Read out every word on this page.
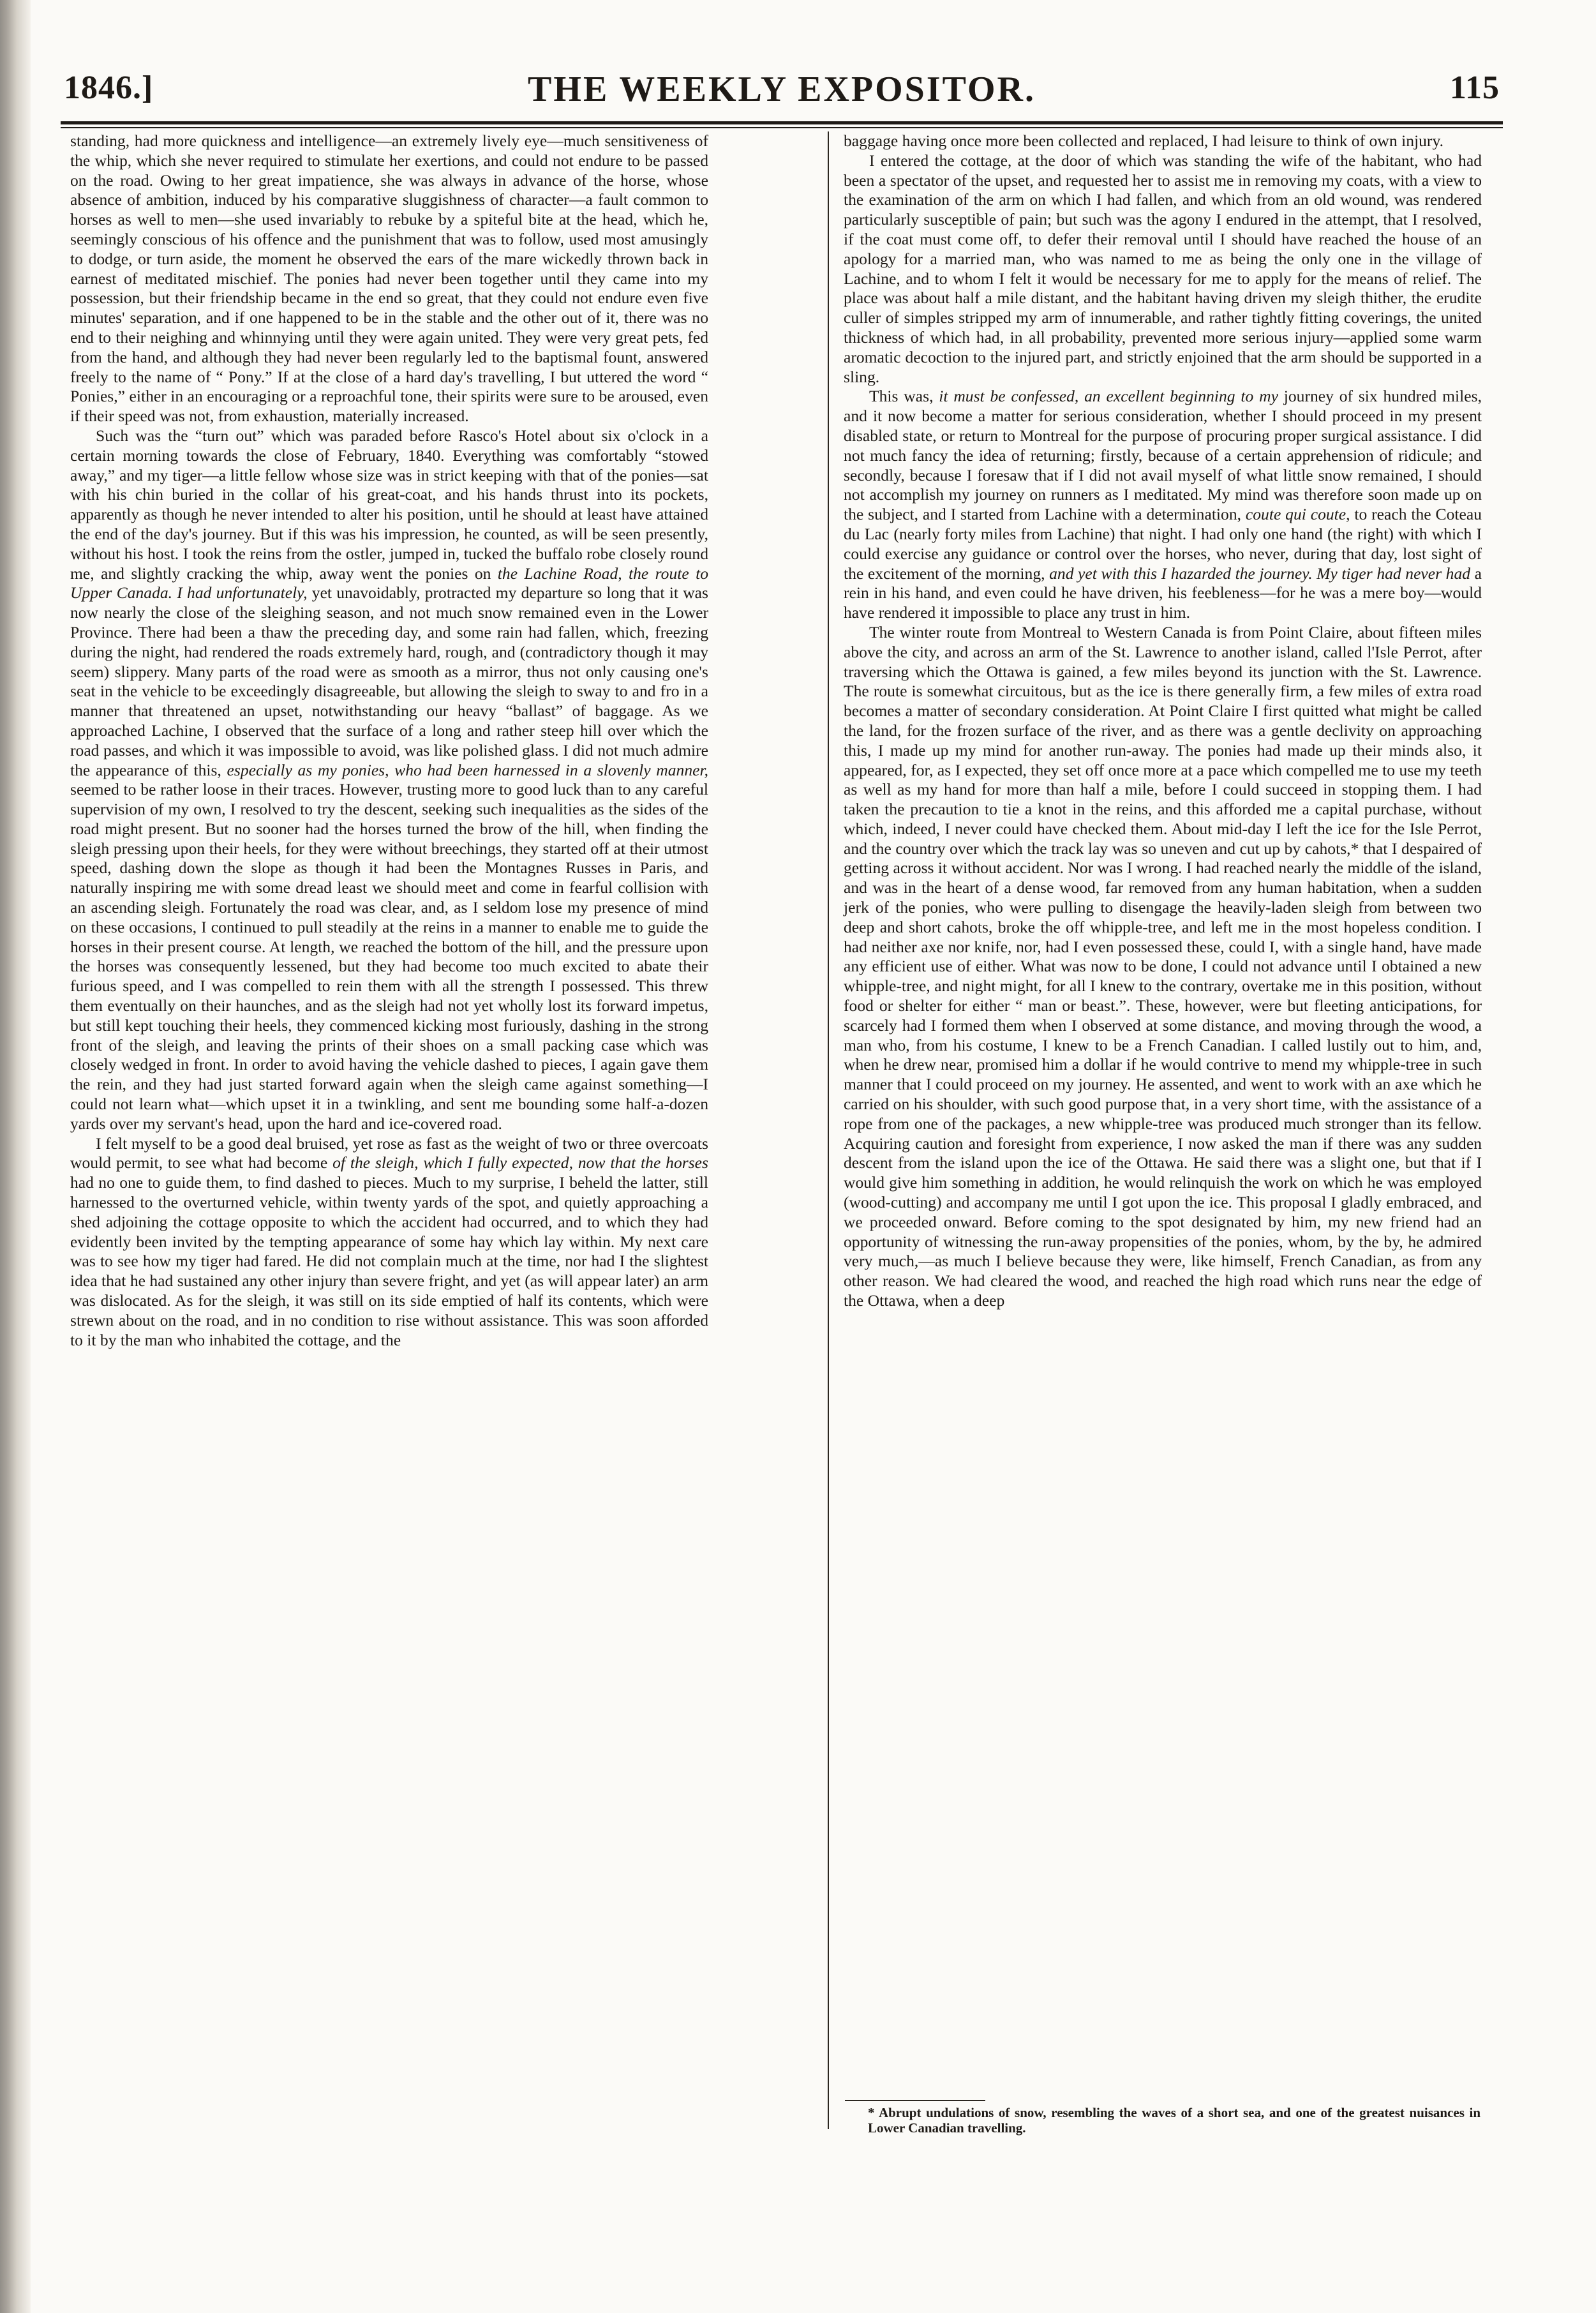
1846.]	THE WEEKLY EXPOSITOR.	115

standing, had more quickness and intelligence—an extremely lively eye—much sensitiveness of the whip, which she never required to stimulate her exertions, and could not endure to be passed on the road. Owing to her great impatience, she was always in advance of the horse, whose absence of ambition, induced by his comparative sluggishness of character—a fault common to horses as well to men—she used invariably to rebuke by a spiteful bite at the head, which he, seemingly conscious of his offence and the punishment that was to follow, used most amusingly to dodge, or turn aside, the moment he observed the ears of the mare wickedly thrown back in earnest of meditated mischief. The ponies had never been together until they came into my possession, but their friendship became in the end so great, that they could not endure even five minutes' separation, and if one happened to be in the stable and the other out of it, there was no end to their neighing and whinnying until they were again united. They were very great pets, fed from the hand, and although they had never been regularly led to the baptismal fount, answered freely to the name of “ Pony.” If at the close of a hard day's travelling, I but uttered the word “ Ponies,” either in an encouraging or a reproachful tone, their spirits were sure to be aroused, even if their speed was not, from exhaustion, materially increased.

Such was the “turn out” which was paraded before Rasco's Hotel about six o'clock in a certain morning towards the close of February, 1840. Everything was comfortably “stowed away,” and my tiger—a little fellow whose size was in strict keeping with that of the ponies—sat with his chin buried in the collar of his great-coat, and his hands thrust into its pockets, apparently as though he never intended to alter his position, until he should at least have attained the end of the day's journey. But if this was his impression, he counted, as will be seen presently, without his host. I took the reins from the ostler, jumped in, tucked the buffalo robe closely round me, and slightly cracking the whip, away went the ponies on the Lachine Road, the route to Upper Canada. I had unfortunately, yet unavoidably, protracted my departure so long that it was now nearly the close of the sleighing season, and not much snow remained even in the Lower Province. There had been a thaw the preceding day, and some rain had fallen, which, freezing during the night, had rendered the roads extremely hard, rough, and (contradictory though it may seem) slippery. Many parts of the road were as smooth as a mirror, thus not only causing one's seat in the vehicle to be exceedingly disagreeable, but allowing the sleigh to sway to and fro in a manner that threatened an upset, notwithstanding our heavy “ballast” of baggage. As we approached Lachine, I observed that the surface of a long and rather steep hill over which the road passes, and which it was impossible to avoid, was like polished glass. I did not much admire the appearance of this, especially as my ponies, who had been harnessed in a slovenly manner, seemed to be rather loose in their traces. However, trusting more to good luck than to any careful supervision of my own, I resolved to try the descent, seeking such inequalities as the sides of the road might present. But no sooner had the horses turned the brow of the hill, when finding the sleigh pressing upon their heels, for they were without breechings, they started off at their utmost speed, dashing down the slope as though it had been the Montagnes Russes in Paris, and naturally inspiring me with some dread least we should meet and come in fearful collision with an ascending sleigh. Fortunately the road was clear, and, as I seldom lose my presence of mind on these occasions, I continued to pull steadily at the reins in a manner to enable me to guide the horses in their present course. At length, we reached the bottom of the hill, and the pressure upon the horses was consequently lessened, but they had become too much excited to abate their furious speed, and I was compelled to rein them with all the strength I possessed. This threw them eventually on their haunches, and as the sleigh had not yet wholly lost its forward impetus, but still kept touching their heels, they commenced kicking most furiously, dashing in the strong front of the sleigh, and leaving the prints of their shoes on a small packing case which was closely wedged in front. In order to avoid having the vehicle dashed to pieces, I again gave them the rein, and they had just started forward again when the sleigh came against something—I could not learn what—which upset it in a twinkling, and sent me bounding some half-a-dozen yards over my servant's head, upon the hard and ice-covered road.

I felt myself to be a good deal bruised, yet rose as fast as the weight of two or three overcoats would permit, to see what had become of the sleigh, which I fully expected, now that the horses had no one to guide them, to find dashed to pieces. Much to my surprise, I beheld the latter, still harnessed to the overturned vehicle, within twenty yards of the spot, and quietly approaching a shed adjoining the cottage opposite to which the accident had occurred, and to which they had evidently been invited by the tempting appearance of some hay which lay within. My next care was to see how my tiger had fared. He did not complain much at the time, nor had I the slightest idea that he had sustained any other injury than severe fright, and yet (as will appear later) an arm was dislocated. As for the sleigh, it was still on its side emptied of half its contents, which were strewn about on the road, and in no condition to rise without assistance. This was soon afforded to it by the man who inhabited the cottage, and the

baggage having once more been collected and replaced, I had leisure to think of own injury.

I entered the cottage, at the door of which was standing the wife of the habitant, who had been a spectator of the upset, and requested her to assist me in removing my coats, with a view to the examination of the arm on which I had fallen, and which from an old wound, was rendered particularly susceptible of pain; but such was the agony I endured in the attempt, that I resolved, if the coat must come off, to defer their removal until I should have reached the house of an apology for a married man, who was named to me as being the only one in the village of Lachine, and to whom I felt it would be necessary for me to apply for the means of relief. The place was about half a mile distant, and the habitant having driven my sleigh thither, the erudite culler of simples stripped my arm of innumerable, and rather tightly fitting coverings, the united thickness of which had, in all probability, prevented more serious injury—applied some warm aromatic decoction to the injured part, and strictly enjoined that the arm should be supported in a sling.

This was, it must be confessed, an excellent beginning to my journey of six hundred miles, and it now become a matter for serious consideration, whether I should proceed in my present disabled state, or return to Montreal for the purpose of procuring proper surgical assistance. I did not much fancy the idea of returning; firstly, because of a certain apprehension of ridicule; and secondly, because I foresaw that if I did not avail myself of what little snow remained, I should not accomplish my journey on runners as I meditated. My mind was therefore soon made up on the subject, and I started from Lachine with a determination, coute qui coute, to reach the Coteau du Lac (nearly forty miles from Lachine) that night. I had only one hand (the right) with which I could exercise any guidance or control over the horses, who never, during that day, lost sight of the excitement of the morning, and yet with this I hazarded the journey. My tiger had never had a rein in his hand, and even could he have driven, his feebleness—for he was a mere boy—would have rendered it impossible to place any trust in him.

The winter route from Montreal to Western Canada is from Point Claire, about fifteen miles above the city, and across an arm of the St. Lawrence to another island, called l'Isle Perrot, after traversing which the Ottawa is gained, a few miles beyond its junction with the St. Lawrence. The route is somewhat circuitous, but as the ice is there generally firm, a few miles of extra road becomes a matter of secondary consideration. At Point Claire I first quitted what might be called the land, for the frozen surface of the river, and as there was a gentle declivity on approaching this, I made up my mind for another run-away. The ponies had made up their minds also, it appeared, for, as I expected, they set off once more at a pace which compelled me to use my teeth as well as my hand for more than half a mile, before I could succeed in stopping them. I had taken the precaution to tie a knot in the reins, and this afforded me a capital purchase, without which, indeed, I never could have checked them. About mid-day I left the ice for the Isle Perrot, and the country over which the track lay was so uneven and cut up by cahots,* that I despaired of getting across it without accident. Nor was I wrong. I had reached nearly the middle of the island, and was in the heart of a dense wood, far removed from any human habitation, when a sudden jerk of the ponies, who were pulling to disengage the heavily-laden sleigh from between two deep and short cahots, broke the off whipple-tree, and left me in the most hopeless condition. I had neither axe nor knife, nor, had I even possessed these, could I, with a single hand, have made any efficient use of either. What was now to be done, I could not advance until I obtained a new whipple-tree, and night might, for all I knew to the contrary, overtake me in this position, without food or shelter for either “ man or beast.”. These, however, were but fleeting anticipations, for scarcely had I formed them when I observed at some distance, and moving through the wood, a man who, from his costume, I knew to be a French Canadian. I called lustily out to him, and, when he drew near, promised him a dollar if he would contrive to mend my whipple-tree in such manner that I could proceed on my journey. He assented, and went to work with an axe which he carried on his shoulder, with such good purpose that, in a very short time, with the assistance of a rope from one of the packages, a new whipple-tree was produced much stronger than its fellow. Acquiring caution and foresight from experience, I now asked the man if there was any sudden descent from the island upon the ice of the Ottawa. He said there was a slight one, but that if I would give him something in addition, he would relinquish the work on which he was employed (wood-cutting) and accompany me until I got upon the ice. This proposal I gladly embraced, and we proceeded onward. Before coming to the spot designated by him, my new friend had an opportunity of witnessing the run-away propensities of the ponies, whom, by the by, he admired very much,—as much I believe because they were, like himself, French Canadian, as from any other reason. We had cleared the wood, and reached the high road which runs near the edge of the Ottawa, when a deep

* Abrupt undulations of snow, resembling the waves of a short sea, and one of the greatest nuisances in Lower Canadian travelling.
